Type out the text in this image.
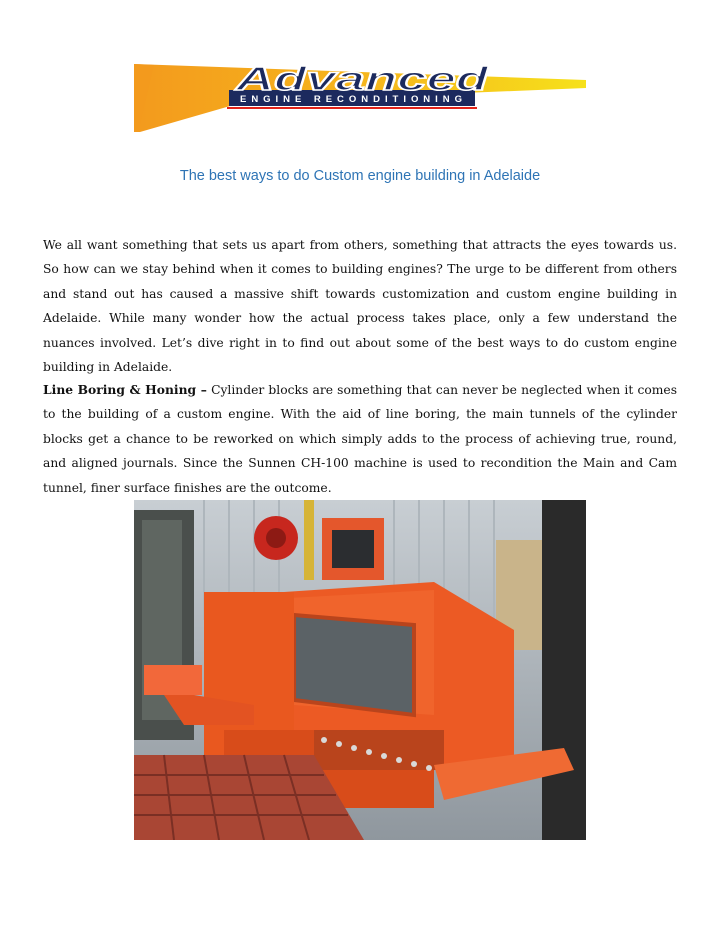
Advanced
ENGINE RECONDITIONING
The best ways to do Custom engine building in Adelaide

We all want something that sets us apart from others, something that attracts the eyes towards us. So how can we stay behind when it comes to building engines? The urge to be different from others and stand out has caused a massive shift towards customization and custom engine building in Adelaide. While many wonder how the actual process takes place, only a few understand the nuances involved. Let’s dive right in to find out about some of the best ways to do custom engine building in Adelaide.

Line Boring & Honing – Cylinder blocks are something that can never be neglected when it comes to the building of a custom engine. With the aid of line boring, the main tunnels of the cylinder blocks get a chance to be reworked on which simply adds to the process of achieving true, round, and aligned journals. Since the Sunnen CH-100 machine is used to recondition the Main and Cam tunnel, finer surface finishes are the outcome.
